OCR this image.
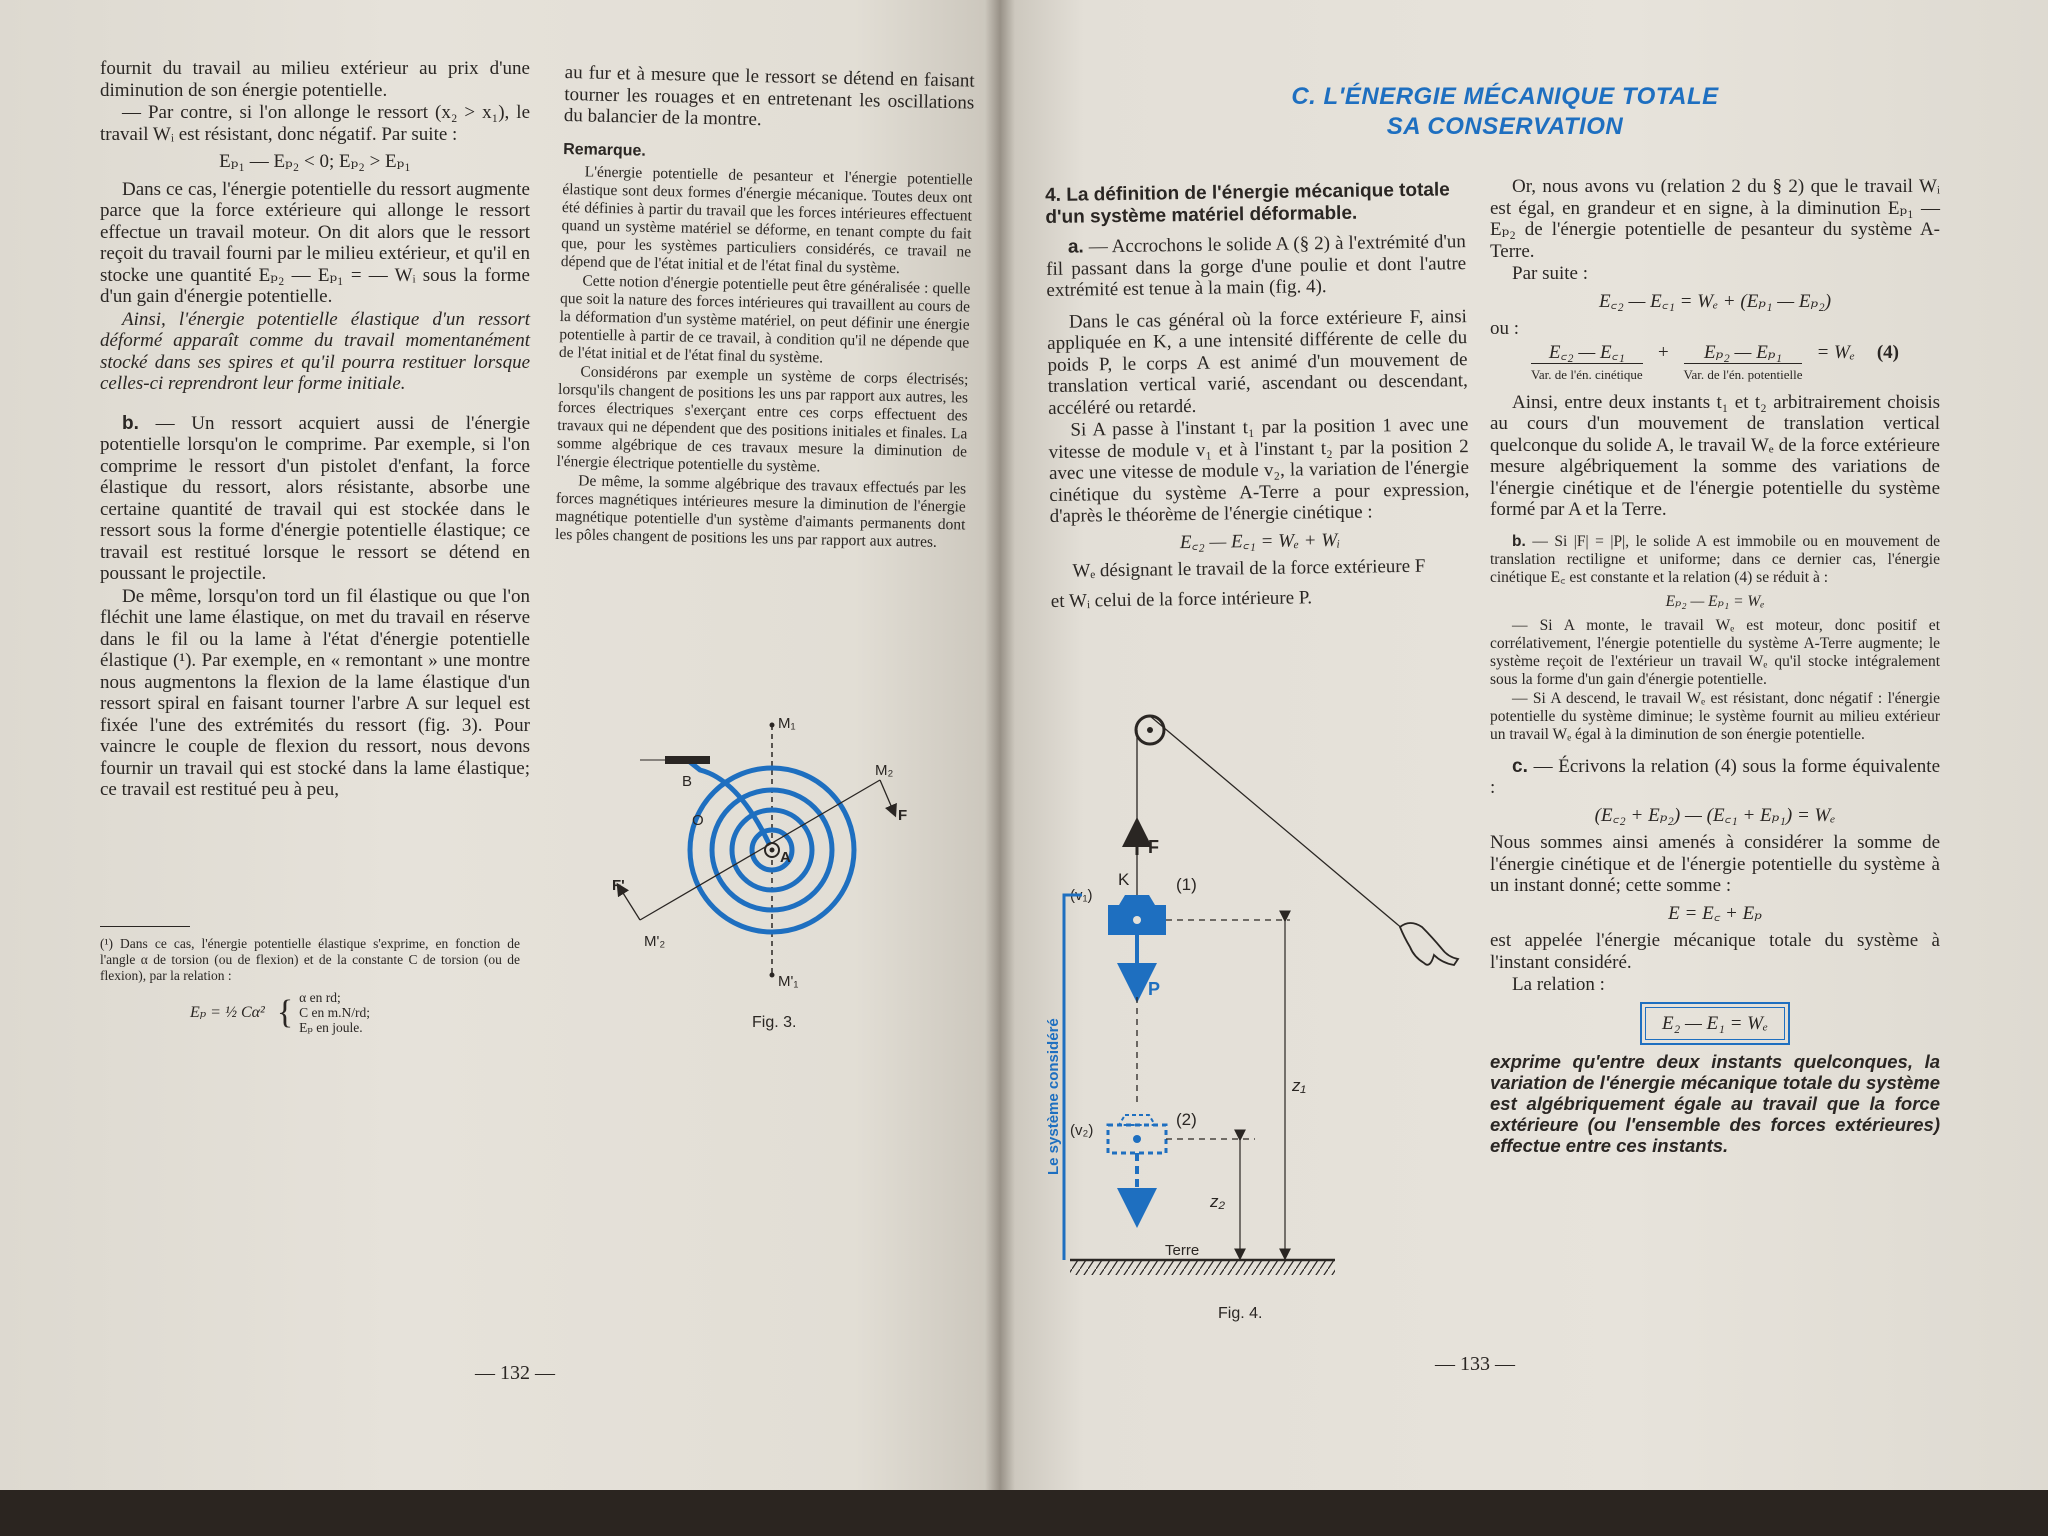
fournit du travail au milieu extérieur au prix d'une diminution de son énergie potentielle.

— Par contre, si l'on allonge le ressort (x₂ > x₁), le travail Wᵢ est résistant, donc négatif. Par suite :

Eₚ₁ — Eₚ₂ < 0; Eₚ₂ > Eₚ₁

Dans ce cas, l'énergie potentielle du ressort augmente parce que la force extérieure qui allonge le ressort effectue un travail moteur. On dit alors que le ressort reçoit du travail fourni par le milieu extérieur, et qu'il en stocke une quantité Eₚ₂ — Eₚ₁ = — Wᵢ sous la forme d'un gain d'énergie potentielle.

Ainsi, l'énergie potentielle élastique d'un ressort déformé apparaît comme du travail momentanément stocké dans ses spires et qu'il pourra restituer lorsque celles-ci reprendront leur forme initiale.

b. — Un ressort acquiert aussi de l'énergie potentielle lorsqu'on le comprime. Par exemple, si l'on comprime le ressort d'un pistolet d'enfant, la force élastique du ressort, alors résistante, absorbe une certaine quantité de travail qui est stockée dans le ressort sous la forme d'énergie potentielle élastique; ce travail est restitué lorsque le ressort se détend en poussant le projectile.

De même, lorsqu'on tord un fil élastique ou que l'on fléchit une lame élastique, on met du travail en réserve dans le fil ou la lame à l'état d'énergie potentielle élastique (¹). Par exemple, en « remontant » une montre nous augmentons la flexion de la lame élastique d'un ressort spiral en faisant tourner l'arbre A sur lequel est fixée l'une des extrémités du ressort (fig. 3). Pour vaincre le couple de flexion du ressort, nous devons fournir un travail qui est stocké dans la lame élastique; ce travail est restitué peu à peu,

(¹) Dans ce cas, l'énergie potentielle élastique s'exprime, en fonction de l'angle α de torsion (ou de flexion) et de la constante C de torsion (ou de flexion), par la relation :
Eₚ = ½ Cα² { α en rd;
C en m.N/rd;
Eₚ en joule.

au fur et à mesure que le ressort se détend en faisant tourner les rouages et en entretenant les oscillations du balancier de la montre.

Remarque.

L'énergie potentielle de pesanteur et l'énergie potentielle élastique sont deux formes d'énergie mécanique. Toutes deux ont été définies à partir du travail que les forces intérieures effectuent quand un système matériel se déforme, en tenant compte du fait que, pour les systèmes particuliers considérés, ce travail ne dépend que de l'état initial et de l'état final du système.

Cette notion d'énergie potentielle peut être généralisée : quelle que soit la nature des forces intérieures qui travaillent au cours de la déformation d'un système matériel, on peut définir une énergie potentielle à partir de ce travail, à condition qu'il ne dépende que de l'état initial et de l'état final du système.

Considérons par exemple un système de corps électrisés; lorsqu'ils changent de positions les uns par rapport aux autres, les forces électriques s'exerçant entre ces corps effectuent des travaux qui ne dépendent que des positions initiales et finales. La somme algébrique de ces travaux mesure la diminution de l'énergie électrique potentielle du système.

De même, la somme algébrique des travaux effectués par les forces magnétiques intérieures mesure la diminution de l'énergie magnétique potentielle d'un système d'aimants permanents dont les pôles changent de positions les uns par rapport aux autres.

M₁
M₂
B
O
A
F
F'
M'₂
M'₁
Fig. 3.
— 132 —
C. L'ÉNERGIE MÉCANIQUE TOTALE
SA CONSERVATION

4. La définition de l'énergie mécanique totale d'un système matériel déformable.

a. — Accrochons le solide A (§ 2) à l'extrémité d'un fil passant dans la gorge d'une poulie et dont l'autre extrémité est tenue à la main (fig. 4).

Dans le cas général où la force extérieure F, ainsi appliquée en K, a une intensité différente de celle du poids P, le corps A est animé d'un mouvement de translation vertical varié, ascendant ou descendant, accéléré ou retardé.

Si A passe à l'instant t₁ par la position 1 avec une vitesse de module v₁ et à l'instant t₂ par la position 2 avec une vitesse de module v₂, la variation de l'énergie cinétique du système A-Terre a pour expression, d'après le théorème de l'énergie cinétique :

E꜀₂ — E꜀₁ = Wₑ + Wᵢ

Wₑ désignant le travail de la force extérieure F

et Wᵢ celui de la force intérieure P.

F
K	(1)
(v₁)
P
(2)
(v₂)
z₁
z₂
Terre
Le système considéré
Fig. 4.

Or, nous avons vu (relation 2 du § 2) que le travail Wᵢ est égal, en grandeur et en signe, à la diminution Eₚ₁ — Eₚ₂ de l'énergie potentielle de pesanteur du système A-Terre.

Par suite :

E꜀₂ — E꜀₁ = Wₑ + (Eₚ₁ — Eₚ₂)

ou :

E꜀₂ — E꜀₁
Var. de l'én. cinétique
+	Eₚ₂ — Eₚ₁
Var. de l'én. potentielle
= Wₑ (4)

Ainsi, entre deux instants t₁ et t₂ arbitrairement choisis au cours d'un mouvement de translation vertical quelconque du solide A, le travail Wₑ de la force extérieure mesure algébriquement la somme des variations de l'énergie cinétique et de l'énergie potentielle du système formé par A et la Terre.

b. — Si |F| = |P|, le solide A est immobile ou en mouvement de translation rectiligne et uniforme; dans ce dernier cas, l'énergie cinétique E꜀ est constante et la relation (4) se réduit à :

Eₚ₂ — Eₚ₁ = Wₑ

— Si A monte, le travail Wₑ est moteur, donc positif et corrélativement, l'énergie potentielle du système A-Terre augmente; le système reçoit de l'extérieur un travail Wₑ qu'il stocke intégralement sous la forme d'un gain d'énergie potentielle.

— Si A descend, le travail Wₑ est résistant, donc négatif : l'énergie potentielle du système diminue; le système fournit au milieu extérieur un travail Wₑ égal à la diminution de son énergie potentielle.

c. — Écrivons la relation (4) sous la forme équivalente :

(E꜀₂ + Eₚ₂) — (E꜀₁ + Eₚ₁) = Wₑ

Nous sommes ainsi amenés à considérer la somme de l'énergie cinétique et de l'énergie potentielle du système à un instant donné; cette somme :

E = E꜀ + Eₚ

est appelée l'énergie mécanique totale du système à l'instant considéré.

La relation :

E₂ — E₁ = Wₑ

exprime qu'entre deux instants quelconques, la variation de l'énergie mécanique totale du système est algébriquement égale au travail que la force extérieure (ou l'ensemble des forces extérieures) effectue entre ces instants.

— 133 —
